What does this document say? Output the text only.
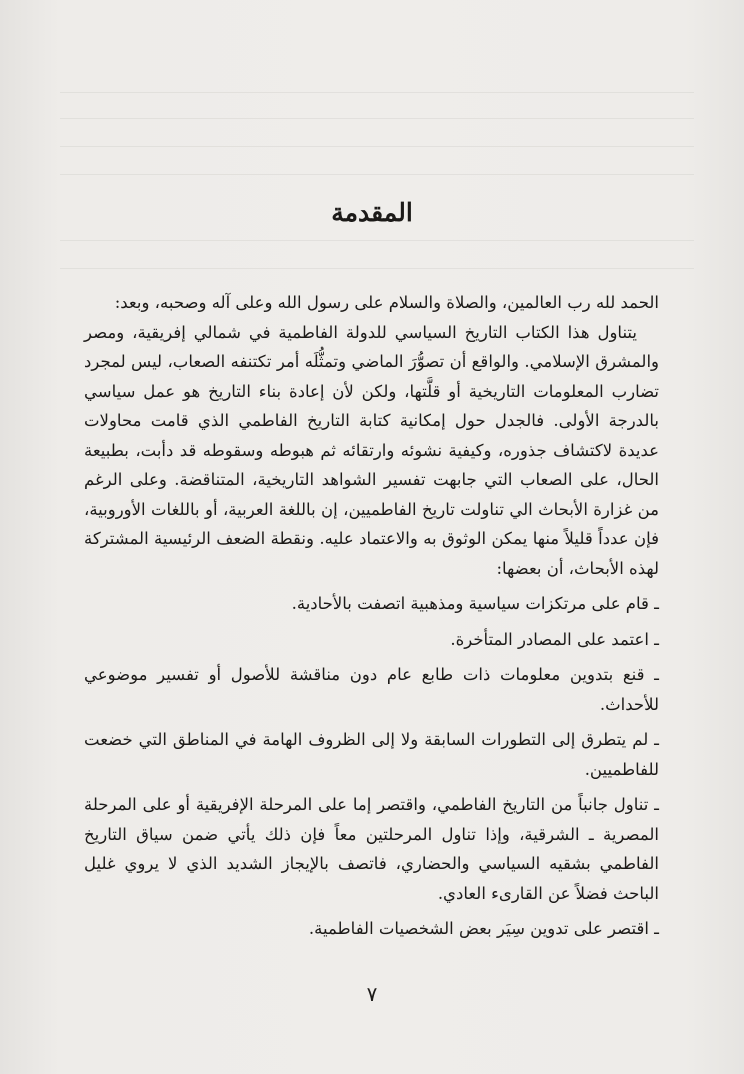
المقدمة

الحمد لله رب العالمين، والصلاة والسلام على رسول الله وعلى آله وصحبه، وبعد:

يتناول هذا الكتاب التاريخ السياسي للدولة الفاطمية في شمالي إفريقية، ومصر والمشرق الإسلامي. والواقع أن تصوُّرَ الماضي وتمثُّلَه أمر تكتنفه الصعاب، ليس لمجرد تضارب المعلومات التاريخية أو قلَّتها، ولكن لأن إعادة بناء التاريخ هو عمل سياسي بالدرجة الأولى. فالجدل حول إمكانية كتابة التاريخ الفاطمي الذي قامت محاولات عديدة لاكتشاف جذوره، وكيفية نشوئه وارتقائه ثم هبوطه وسقوطه قد دأبت، بطبيعة الحال، على الصعاب التي جابهت تفسير الشواهد التاريخية، المتناقضة. وعلى الرغم من غزارة الأبحاث الي تناولت تاريخ الفاطميين، إن باللغة العربية، أو باللغات الأوروبية، فإن عدداً قليلاً منها يمكن الوثوق به والاعتماد عليه. ونقطة الضعف الرئيسية المشتركة لهذه الأبحاث، أن بعضها:

ـ قام على مرتكزات سياسية ومذهبية اتصفت بالأحادية.

ـ اعتمد على المصادر المتأخرة.

ـ قنع بتدوين معلومات ذات طابع عام دون مناقشة للأصول أو تفسير موضوعي للأحداث.

ـ لم يتطرق إلى التطورات السابقة ولا إلى الظروف الهامة في المناطق التي خضعت للفاطميين.

ـ تناول جانباً من التاريخ الفاطمي، واقتصر إما على المرحلة الإفريقية أو على المرحلة المصرية ـ الشرقية، وإذا تناول المرحلتين معاً فإن ذلك يأتي ضمن سياق التاريخ الفاطمي بشقيه السياسي والحضاري، فاتصف بالإيجاز الشديد الذي لا يروي غليل الباحث فضلاً عن القارىء العادي.

ـ اقتصر على تدوين سِيَر بعض الشخصيات الفاطمية.

٧
